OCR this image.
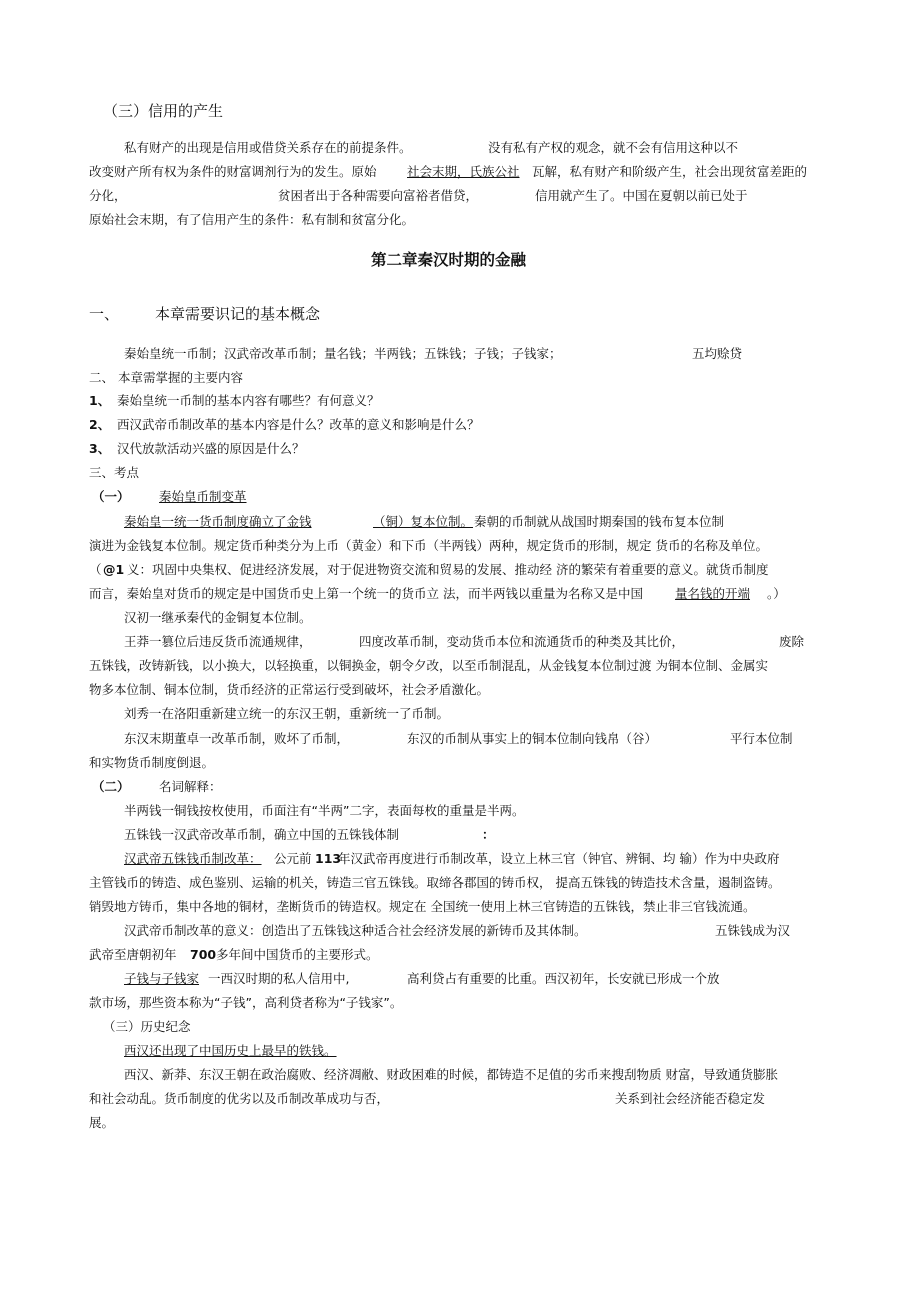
（三）信用的产生
私有财产的出现是信用或借贷关系存在的前提条件。	没有私有产权的观念，就不会有信用这种以不
改变财产所有权为条件的财富调剂行为的发生。原始 社会末期，氏族公社 瓦解，私有财产和阶级产生，社会出现贫富差距的
分化，	贫困者出于各种需要向富裕者借贷，	信用就产生了。中国在夏朝以前已处于
原始社会末期，有了信用产生的条件：私有制和贫富分化。
第二章秦汉时期的金融
一、 本章需要识记的基本概念
秦始皇统一币制；汉武帝改革币制；量名钱；半两钱；五铢钱；子钱；子钱家；	五均赊贷
二、 本章需掌握的主要内容
1、 秦始皇统一币制的基本内容有哪些？有何意义？
2、 西汉武帝币制改革的基本内容是什么？改革的意义和影响是什么？
3、 汉代放款活动兴盛的原因是什么？
三、考点
（一） 秦始皇币制变革
秦始皇一统一货币制度确立了金钱	（铜）复本位制。 秦朝的币制就从战国时期秦国的钱布复本位制
演进为金钱复本位制。规定货币种类分为上币（黄金）和下币（半两钱）两种，规定货币的形制，规定 货币的名称及单位。
（ @1 义：巩固中央集权、促进经济发展，对于促进物资交流和贸易的发展、推动经 济的繁荣有着重要的意义。就货币制度
而言，秦始皇对货币的规定是中国货币史上第一个统一的货币立 法，而半两钱以重量为名称又是中国	量名钱的开端 。）
汉初一继承秦代的金铜复本位制。
王莽一篡位后违反货币流通规律，	四度改革币制，变动货币本位和流通货币的种类及其比价，	废除
五铢钱，改铸新钱，以小换大，以轻换重，以铜换金，朝令夕改，以至币制混乱，从金钱复本位制过渡 为铜本位制、金属实
物多本位制、铜本位制，货币经济的正常运行受到破坏，社会矛盾激化。
刘秀一在洛阳重新建立统一的东汉王朝，重新统一了币制。
东汉末期董卓一改革币制，败坏了币制，	东汉的币制从事实上的铜本位制向钱帛（谷）	平行本位制
和实物货币制度倒退。
（二） 名词解释：
半两钱一铜钱按枚使用，币面注有“半两”二字，表面每枚的重量是半两。
五铢钱一汉武帝改革币制，确立中国的五铢钱体制	：
汉武帝五铢钱币制改革： 公元前 113
年汉武帝再度进行币制改革，设立上林三官（钟官、辨铜、均 输）作为中央政府
主管钱币的铸造、成色鉴别、运输的机关，铸造三官五铢钱。取缔各郡国的铸币权， 提高五铢钱的铸造技术含量，遏制盗铸。
销毁地方铸币，集中各地的铜材，垄断货币的铸造权。规定在 全国统一使用上林三官铸造的五铢钱，禁止非三官钱流通。
汉武帝币制改革的意义：创造出了五铢钱这种适合社会经济发展的新铸币及其体制。	五铢钱成为汉
武帝至唐朝初年 700 多年间中国货币的主要形式。
子钱与子钱家 一西汉时期的私人信用中,	高利贷占有重要的比重。西汉初年，长安就已形成一个放
款市场，那些资本称为“子钱”，高利贷者称为“子钱家”。
（三）历史纪念
西汉还出现了中国历史上最早的铁钱。
西汉、新莽、东汉王朝在政治腐败、经济凋敝、财政困难的时候，都铸造不足值的劣币来搜刮物质 财富，导致通货膨胀
和社会动乱。货币制度的优劣以及币制改革成功与否，	关系到社会经济能否稳定发
展。
